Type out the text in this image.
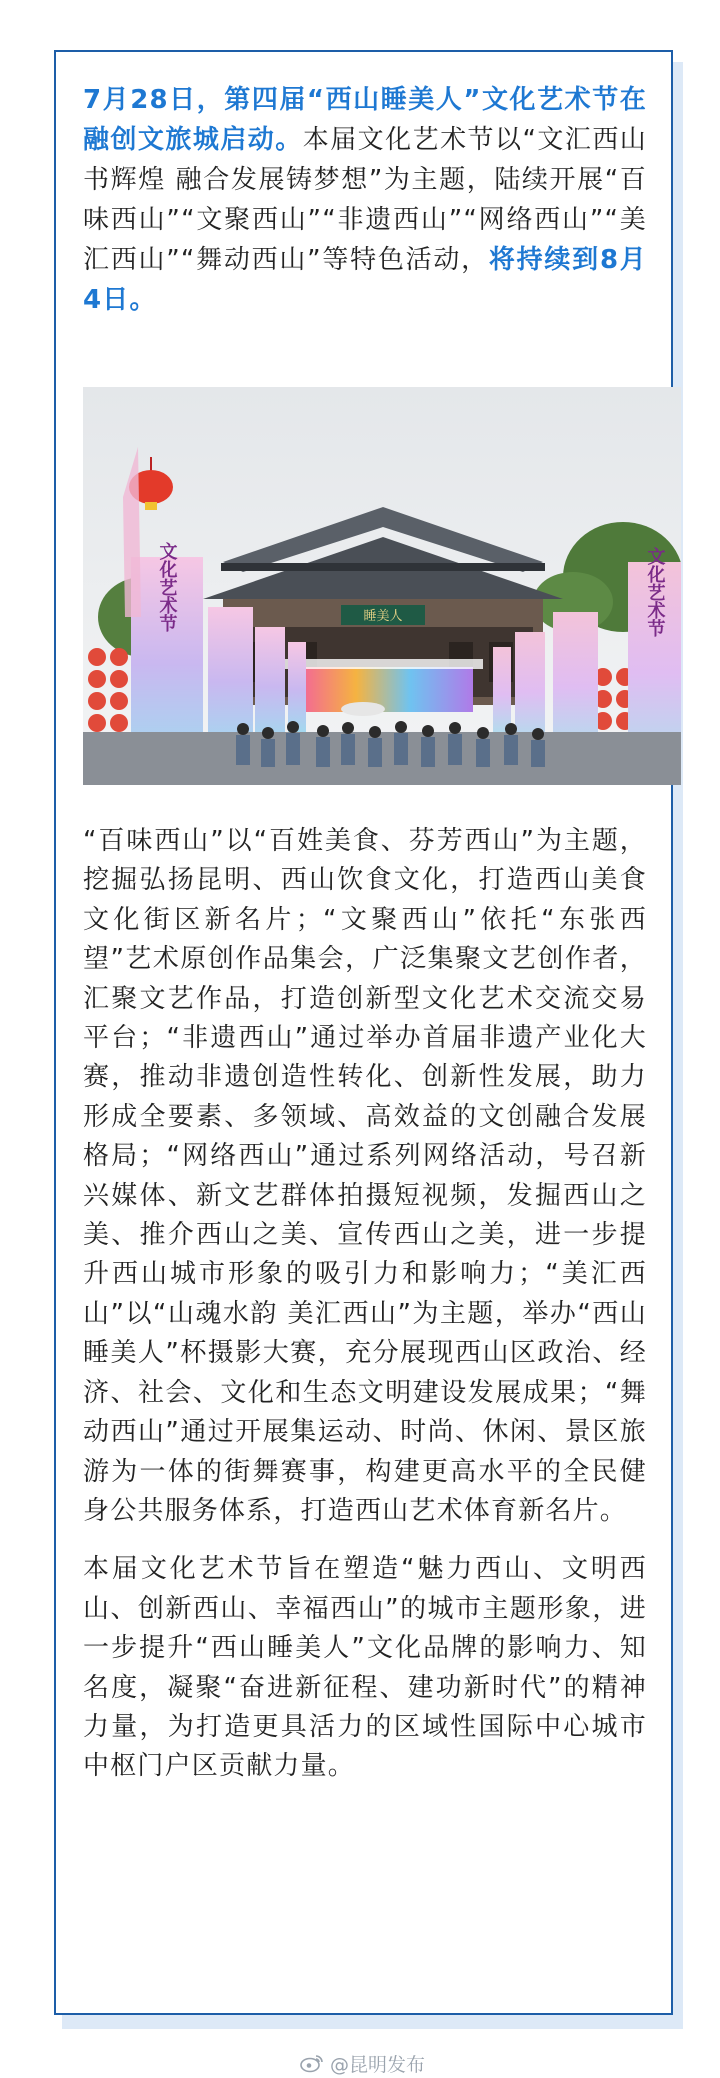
7月28日，第四届“西山睡美人”文化艺术节在融创文旅城启动。本届文化艺术节以“文汇西山书辉煌 融合发展铸梦想”为主题，陆续开展“百味西山”“文聚西山”“非遗西山”“网络西山”“美汇西山”“舞动西山”等特色活动，将持续到8月4日。

睡美人
文化艺术节	文化艺术节

“百味西山”以“百姓美食、芬芳西山”为主题，挖掘弘扬昆明、西山饮食文化，打造西山美食文化街区新名片；“文聚西山”依托“东张西望”艺术原创作品集会，广泛集聚文艺创作者，汇聚文艺作品，打造创新型文化艺术交流交易平台；“非遗西山”通过举办首届非遗产业化大赛，推动非遗创造性转化、创新性发展，助力形成全要素、多领域、高效益的文创融合发展格局；“网络西山”通过系列网络活动，号召新兴媒体、新文艺群体拍摄短视频，发掘西山之美、推介西山之美、宣传西山之美，进一步提升西山城市形象的吸引力和影响力；“美汇西山”以“山魂水韵 美汇西山”为主题，举办“西山睡美人”杯摄影大赛，充分展现西山区政治、经济、社会、文化和生态文明建设发展成果；“舞动西山”通过开展集运动、时尚、休闲、景区旅游为一体的街舞赛事，构建更高水平的全民健身公共服务体系，打造西山艺术体育新名片。

本届文化艺术节旨在塑造“魅力西山、文明西山、创新西山、幸福西山”的城市主题形象，进一步提升“西山睡美人”文化品牌的影响力、知名度，凝聚“奋进新征程、建功新时代”的精神力量，为打造更具活力的区域性国际中心城市中枢门户区贡献力量。

@昆明发布
